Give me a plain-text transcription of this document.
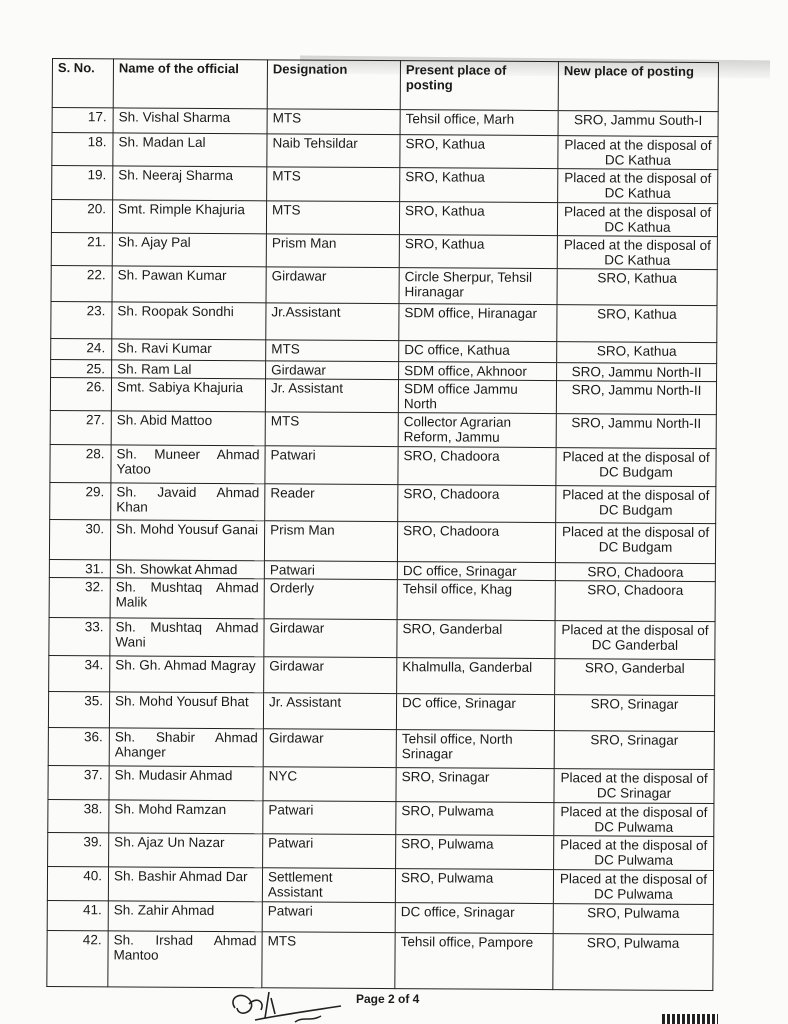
S. No.	Name of the official	Designation	Present place of posting	New place of posting
17.	Sh. Vishal Sharma	MTS	Tehsil office, Marh	SRO, Jammu South-I
18.	Sh. Madan Lal	Naib Tehsildar	SRO, Kathua	Placed at the disposal of DC Kathua
19.	Sh. Neeraj Sharma	MTS	SRO, Kathua	Placed at the disposal of DC Kathua
20.	Smt. Rimple Khajuria	MTS	SRO, Kathua	Placed at the disposal of DC Kathua
21.	Sh. Ajay Pal	Prism Man	SRO, Kathua	Placed at the disposal of DC Kathua
22.	Sh. Pawan Kumar	Girdawar	Circle Sherpur, Tehsil Hiranagar	SRO, Kathua
23.	Sh. Roopak Sondhi	Jr.Assistant	SDM office, Hiranagar	SRO, Kathua
24.	Sh. Ravi Kumar	MTS	DC office, Kathua	SRO, Kathua
25.	Sh. Ram Lal	Girdawar	SDM office, Akhnoor	SRO, Jammu North-II
26.	Smt. Sabiya Khajuria	Jr. Assistant	SDM office Jammu North	SRO, Jammu North-II
27.	Sh. Abid Mattoo	MTS	Collector Agrarian Reform, Jammu	SRO, Jammu North-II
28.	Sh. Muneer Ahmad Yatoo	Patwari	SRO, Chadoora	Placed at the disposal of DC Budgam
29.	Sh. Javaid Ahmad Khan	Reader	SRO, Chadoora	Placed at the disposal of DC Budgam
30.	Sh. Mohd Yousuf Ganai	Prism Man	SRO, Chadoora	Placed at the disposal of DC Budgam
31.	Sh. Showkat Ahmad	Patwari	DC office, Srinagar	SRO, Chadoora
32.	Sh. Mushtaq Ahmad Malik	Orderly	Tehsil office, Khag	SRO, Chadoora
33.	Sh. Mushtaq Ahmad Wani	Girdawar	SRO, Ganderbal	Placed at the disposal of DC Ganderbal
34.	Sh. Gh. Ahmad Magray	Girdawar	Khalmulla, Ganderbal	SRO, Ganderbal
35.	Sh. Mohd Yousuf Bhat	Jr. Assistant	DC office, Srinagar	SRO, Srinagar
36.	Sh. Shabir Ahmad Ahanger	Girdawar	Tehsil office, North Srinagar	SRO, Srinagar
37.	Sh. Mudasir Ahmad	NYC	SRO, Srinagar	Placed at the disposal of DC Srinagar
38.	Sh. Mohd Ramzan	Patwari	SRO, Pulwama	Placed at the disposal of DC Pulwama
39.	Sh. Ajaz Un Nazar	Patwari	SRO, Pulwama	Placed at the disposal of DC Pulwama
40.	Sh. Bashir Ahmad Dar	Settlement Assistant	SRO, Pulwama	Placed at the disposal of DC Pulwama
41.	Sh. Zahir Ahmad	Patwari	DC office, Srinagar	SRO, Pulwama
42.	Sh. Irshad Ahmad Mantoo	MTS	Tehsil office, Pampore	SRO, Pulwama
Page 2 of 4
